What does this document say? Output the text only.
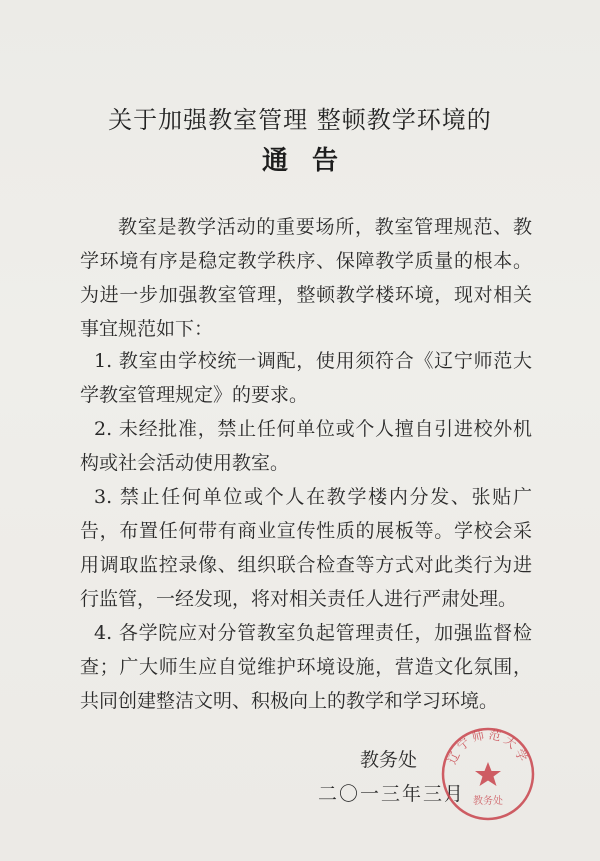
关于加强教室管理 整顿教学环境的
通告
教室是教学活动的重要场所，教室管理规范、教学环境有序是稳定教学秩序、保障教学质量的根本。为进一步加强教室管理，整顿教学楼环境，现对相关事宜规范如下：
1. 教室由学校统一调配，使用须符合《辽宁师范大学教室管理规定》的要求。
2. 未经批准，禁止任何单位或个人擅自引进校外机构或社会活动使用教室。
3. 禁止任何单位或个人在教学楼内分发、张贴广告，布置任何带有商业宣传性质的展板等。学校会采用调取监控录像、组织联合检查等方式对此类行为进行监管，一经发现，将对相关责任人进行严肃处理。
4. 各学院应对分管教室负起管理责任，加强监督检查；广大师生应自觉维护环境设施，营造文化氛围，共同创建整洁文明、积极向上的教学和学习环境。
教务处
二〇一三年三月
辽宁师范大学
教务处
